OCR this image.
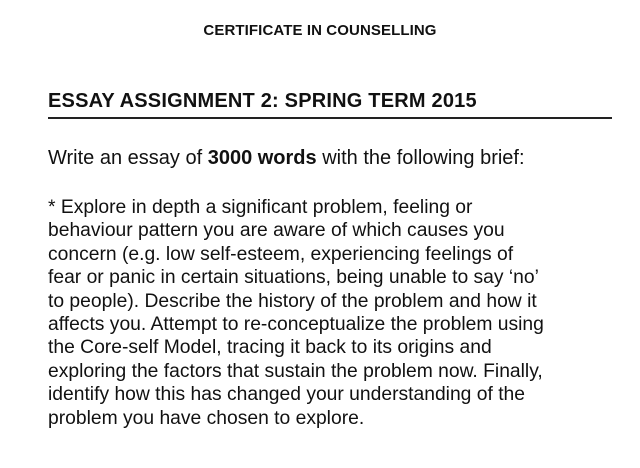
CERTIFICATE IN COUNSELLING
ESSAY ASSIGNMENT 2: SPRING TERM 2015
Write an essay of 3000 words with the following brief:
* Explore in depth a significant problem, feeling or
behaviour pattern you are aware of which causes you
concern (e.g. low self-esteem, experiencing feelings of
fear or panic in certain situations, being unable to say ‘no’
to people). Describe the history of the problem and how it
affects you. Attempt to re-conceptualize the problem using
the Core-self Model, tracing it back to its origins and
exploring the factors that sustain the problem now. Finally,
identify how this has changed your understanding of the
problem you have chosen to explore.
